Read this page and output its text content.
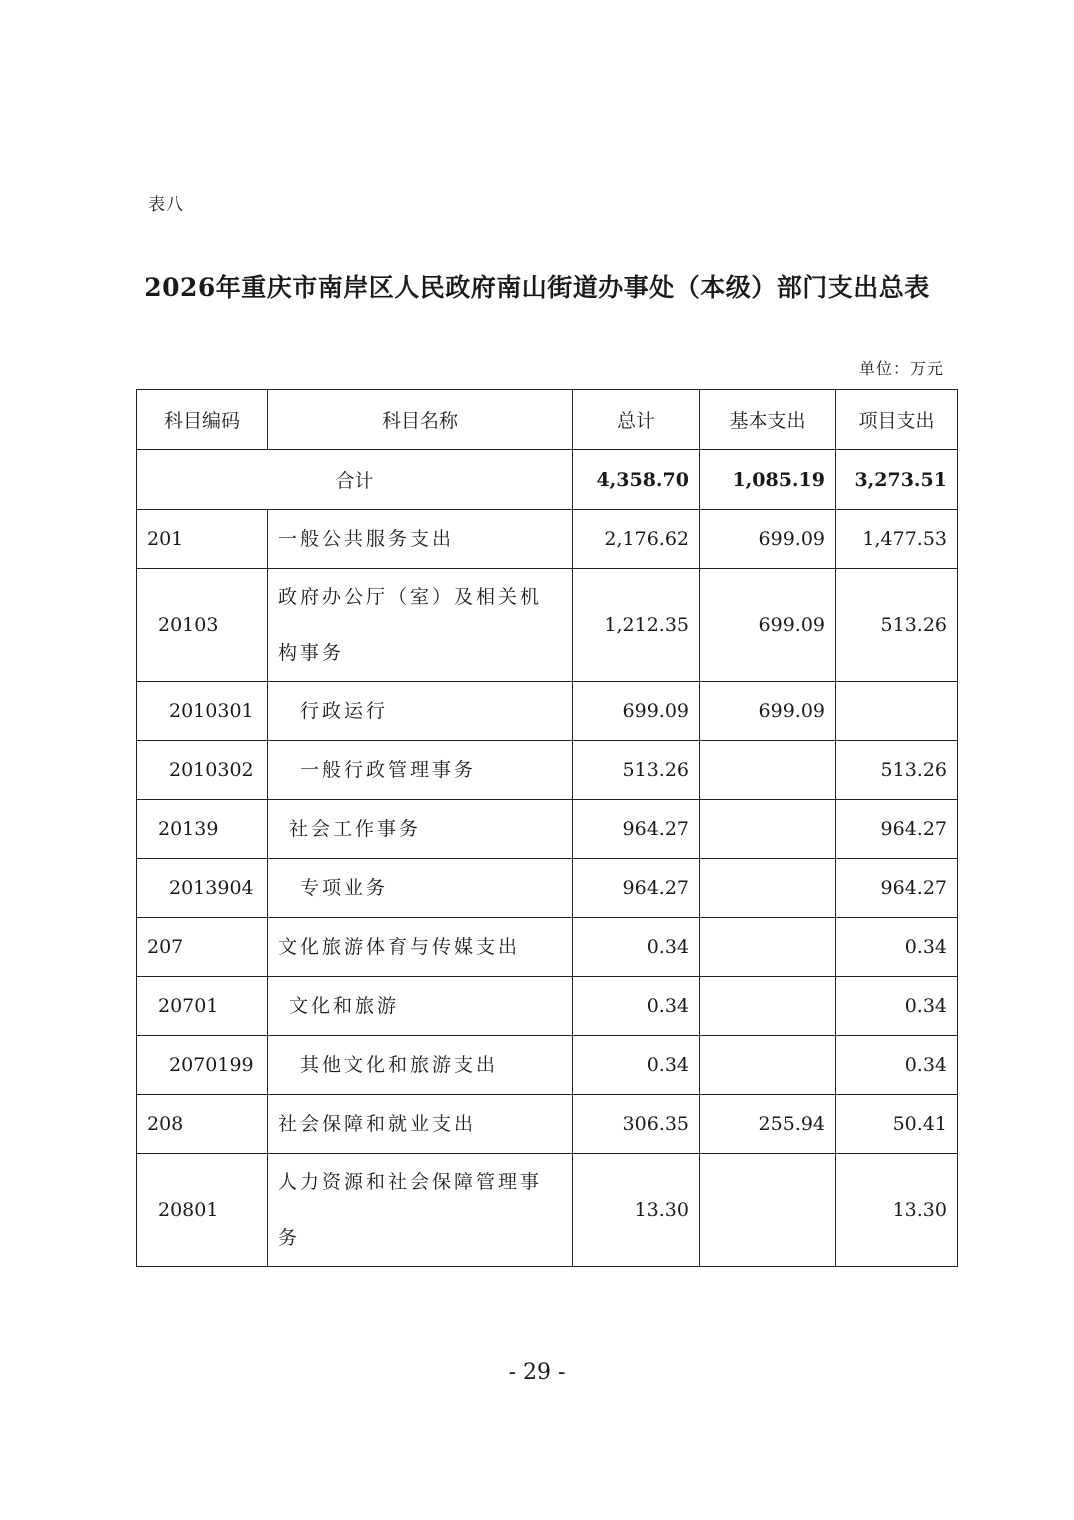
表八
2026年重庆市南岸区人民政府南山街道办事处（本级）部门支出总表
单位：万元
科目编码	科目名称	总计	基本支出	项目支出
合计		4,358.70	1,085.19	3,273.51
201	一般公共服务支出	2,176.62	699.09	1,477.53
20103	政府办公厅（室）及相关机构事务	1,212.35	699.09	513.26
2010301	行政运行	699.09	699.09	
2010302	一般行政管理事务	513.26		513.26
20139	社会工作事务	964.27		964.27
2013904	专项业务	964.27		964.27
207	文化旅游体育与传媒支出	0.34		0.34
20701	文化和旅游	0.34		0.34
2070199	其他文化和旅游支出	0.34		0.34
208	社会保障和就业支出	306.35	255.94	50.41
20801	人力资源和社会保障管理事务	13.30		13.30
- 29 -
